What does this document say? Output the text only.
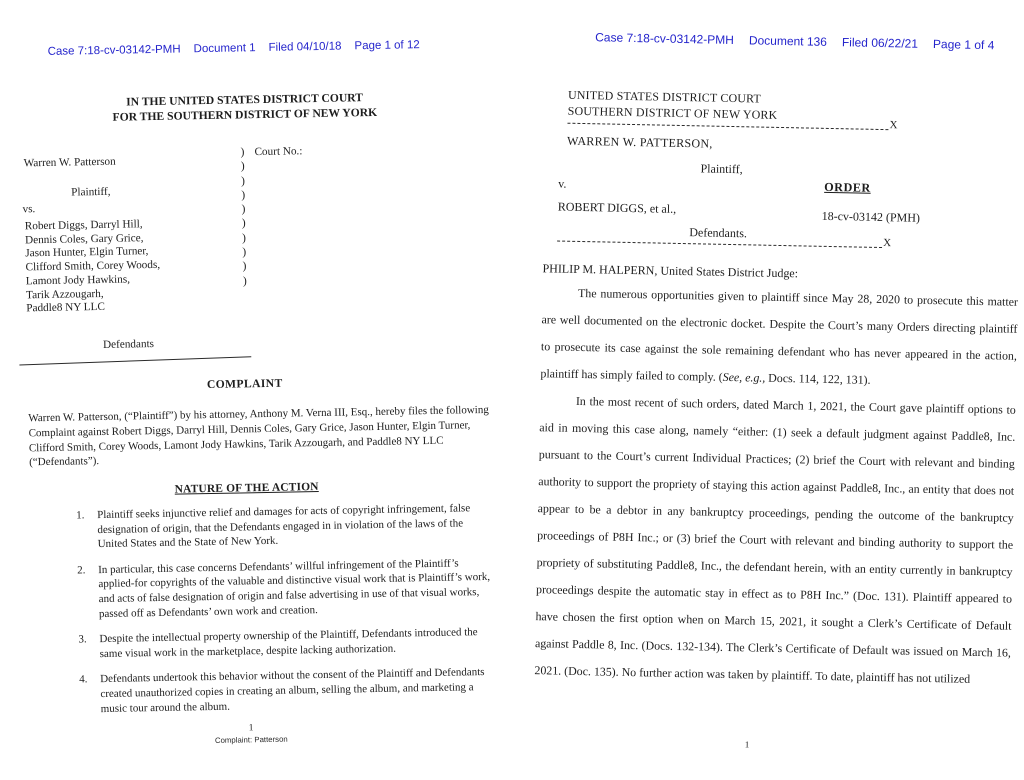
Case 7:18-cv-03142-PMH Document 1 Filed 04/10/18 Page 1 of 12
IN THE UNITED STATES DISTRICT COURT
FOR THE SOUTHERN DISTRICT OF NEW YORK
Warren W. Patterson
)
)
)
)
)
)
)
)
)
)
Court No.:
Plaintiff,
vs.
Robert Diggs, Darryl Hill,
Dennis Coles, Gary Grice,
Jason Hunter, Elgin Turner,
Clifford Smith, Corey Woods,
Lamont Jody Hawkins,
Tarik Azzougarh,
Paddle8 NY LLC
Defendants
COMPLAINT
Warren W. Patterson, (“Plaintiff”) by his attorney, Anthony M. Verna III, Esq., hereby files the following Complaint against Robert Diggs, Darryl Hill, Dennis Coles, Gary Grice, Jason Hunter, Elgin Turner, Clifford Smith, Corey Woods, Lamont Jody Hawkins, Tarik Azzougarh, and Paddle8 NY LLC (“Defendants”).
NATURE OF THE ACTION
1.	Plaintiff seeks injunctive relief and damages for acts of copyright infringement, false designation of origin, that the Defendants engaged in in violation of the laws of the United States and the State of New York.
2.	In particular, this case concerns Defendants’ willful infringement of the Plaintiff’s applied-for copyrights of the valuable and distinctive visual work that is Plaintiff’s work, and acts of false designation of origin and false advertising in use of that visual works, passed off as Defendants’ own work and creation.
3.	Despite the intellectual property ownership of the Plaintiff, Defendants introduced the same visual work in the marketplace, despite lacking authorization.
4.	Defendants undertook this behavior without the consent of the Plaintiff and Defendants created unauthorized copies in creating an album, selling the album, and marketing a music tour around the album.
1
Complaint: Patterson
Case 7:18-cv-03142-PMH Document 136 Filed 06/22/21 Page 1 of 4
UNITED STATES DISTRICT COURT
SOUTHERN DISTRICT OF NEW YORK
X
WARREN W. PATTERSON,
Plaintiff,
v.	ORDER
ROBERT DIGGS, et al.,
18-cv-03142 (PMH)
Defendants.
X
PHILIP M. HALPERN, United States District Judge:

The numerous opportunities given to plaintiff since May 28, 2020 to prosecute this matter are well documented on the electronic docket. Despite the Court’s many Orders directing plaintiff to prosecute its case against the sole remaining defendant who has never appeared in the action, plaintiff has simply failed to comply. (See, e.g., Docs. 114, 122, 131).

In the most recent of such orders, dated March 1, 2021, the Court gave plaintiff options to aid in moving this case along, namely “either: (1) seek a default judgment against Paddle8, Inc. pursuant to the Court’s current Individual Practices; (2) brief the Court with relevant and binding authority to support the propriety of staying this action against Paddle8, Inc., an entity that does not appear to be a debtor in any bankruptcy proceedings, pending the outcome of the bankruptcy proceedings of P8H Inc.; or (3) brief the Court with relevant and binding authority to support the propriety of substituting Paddle8, Inc., the defendant herein, with an entity currently in bankruptcy proceedings despite the automatic stay in effect as to P8H Inc.” (Doc. 131). Plaintiff appeared to have chosen the first option when on March 15, 2021, it sought a Clerk’s Certificate of Default against Paddle 8, Inc. (Docs. 132-134). The Clerk’s Certificate of Default was issued on March 16, 2021. (Doc. 135). No further action was taken by plaintiff. To date, plaintiff has not utilized

1
